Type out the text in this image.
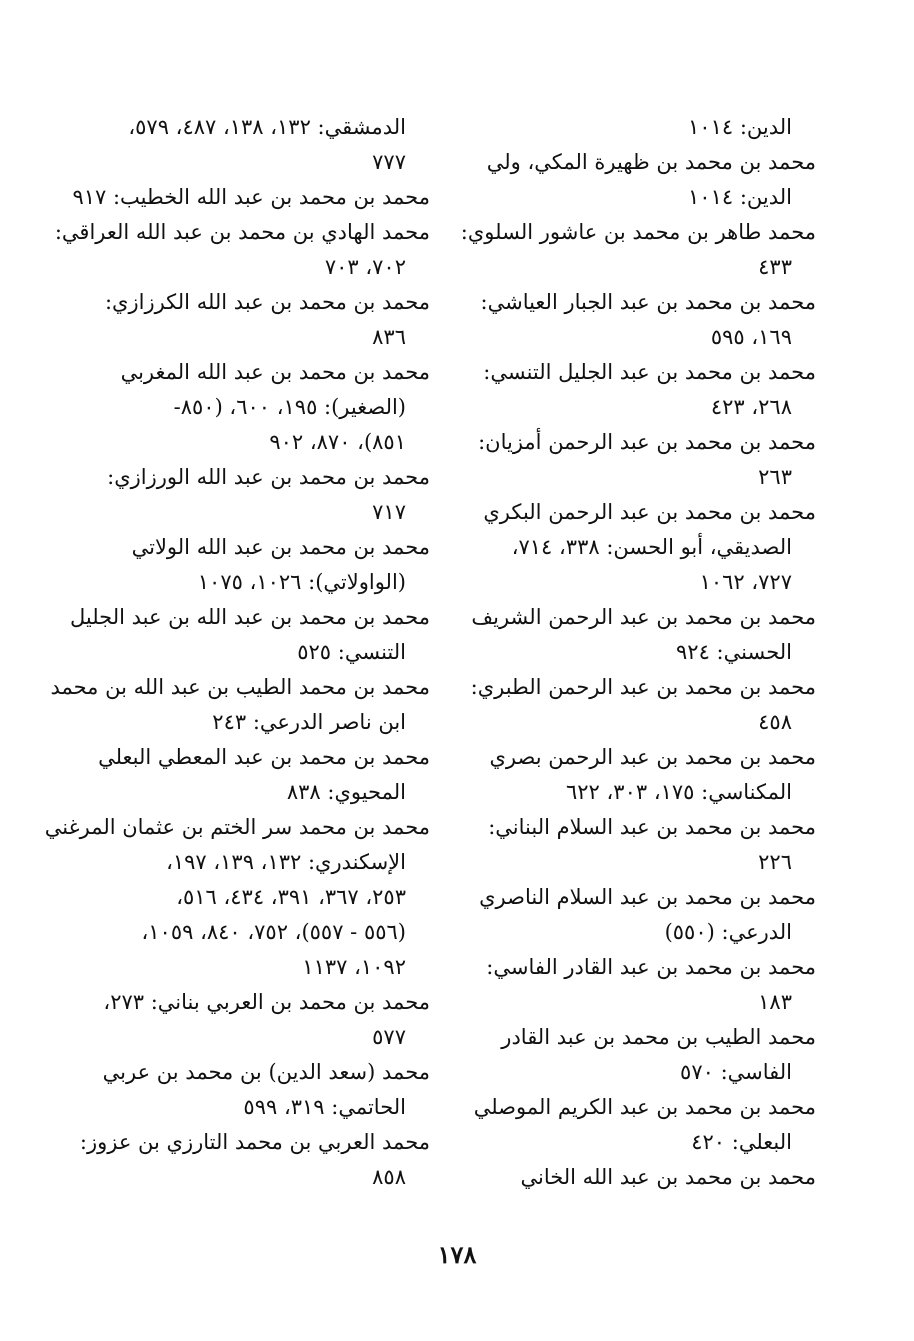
الدين: ١٠١٤
محمد بن محمد بن ظهيرة المكي، ولي
الدين: ١٠١٤
محمد طاهر بن محمد بن عاشور السلوي:
٤٣٣
محمد بن محمد بن عبد الجبار العياشي:
١٦٩، ٥٩٥
محمد بن محمد بن عبد الجليل التنسي:
٢٦٨، ٤٢٣
محمد بن محمد بن عبد الرحمن أمزيان:
٢٦٣
محمد بن محمد بن عبد الرحمن البكري
الصديقي، أبو الحسن: ٣٣٨، ٧١٤،
٧٢٧، ١٠٦٢
محمد بن محمد بن عبد الرحمن الشريف
الحسني: ٩٢٤
محمد بن محمد بن عبد الرحمن الطبري:
٤٥٨
محمد بن محمد بن عبد الرحمن بصري
المكناسي: ١٧٥، ٣٠٣، ٦٢٢
محمد بن محمد بن عبد السلام البناني:
٢٢٦
محمد بن محمد بن عبد السلام الناصري
الدرعي: (٥٥٠)
محمد بن محمد بن عبد القادر الفاسي:
١٨٣
محمد الطيب بن محمد بن عبد القادر
الفاسي: ٥٧٠
محمد بن محمد بن عبد الكريم الموصلي
البعلي: ٤٢٠
محمد بن محمد بن عبد الله الخاني
الدمشقي: ١٣٢، ١٣٨، ٤٨٧، ٥٧٩،
٧٧٧
محمد بن محمد بن عبد الله الخطيب: ٩١٧
محمد الهادي بن محمد بن عبد الله العراقي:
٧٠٢، ٧٠٣
محمد بن محمد بن عبد الله الكرزازي:
٨٣٦
محمد بن محمد بن عبد الله المغربي
(الصغير): ١٩٥، ٦٠٠، (٨٥٠-
٨٥١)، ٨٧٠، ٩٠٢
محمد بن محمد بن عبد الله الورزازي:
٧١٧
محمد بن محمد بن عبد الله الولاتي
(الواولاتي): ١٠٢٦، ١٠٧٥
محمد بن محمد بن عبد الله بن عبد الجليل
التنسي: ٥٢٥
محمد بن محمد الطيب بن عبد الله بن محمد
ابن ناصر الدرعي: ٢٤٣
محمد بن محمد بن عبد المعطي البعلي
المحيوي: ٨٣٨
محمد بن محمد سر الختم بن عثمان المرغني
الإسكندري: ١٣٢، ١٣٩، ١٩٧،
٢٥٣، ٣٦٧، ٣٩١، ٤٣٤، ٥١٦،
(٥٥٦ - ٥٥٧)، ٧٥٢، ٨٤٠، ١٠٥٩،
١٠٩٢، ١١٣٧
محمد بن محمد بن العربي بناني: ٢٧٣،
٥٧٧
محمد (سعد الدين) بن محمد بن عربي
الحاتمي: ٣١٩، ٥٩٩
محمد العربي بن محمد التارزي بن عزوز:
٨٥٨
١٧٨
